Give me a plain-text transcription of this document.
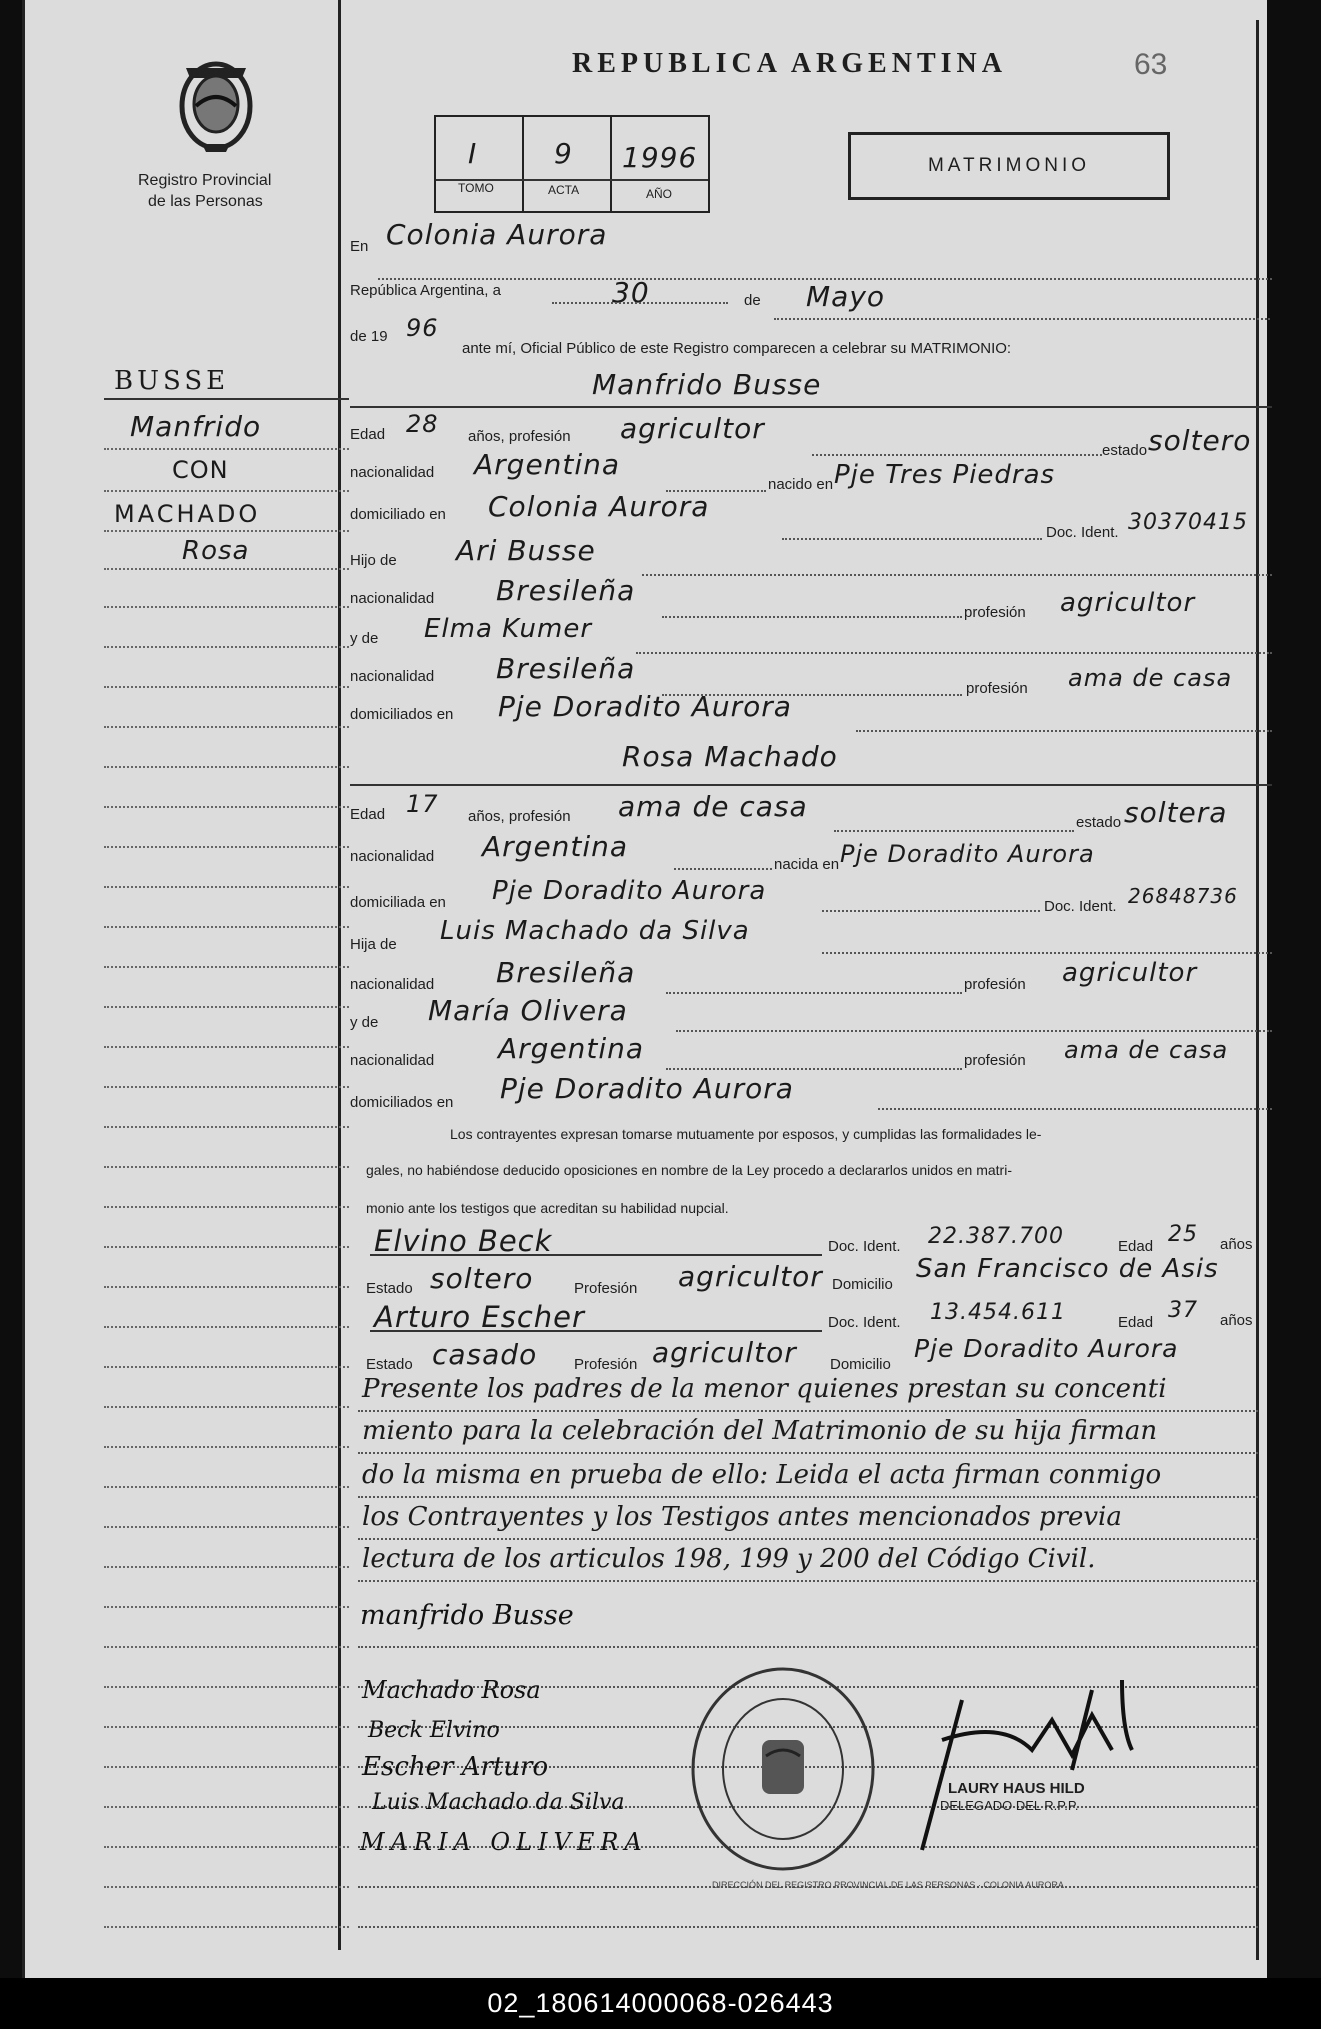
Registro Provincial
de las Personas
REPUBLICA ARGENTINA	63
I
TOMO
9
ACTA
1996
AÑO
MATRIMONIO
BUSSE
Manfrido
CON
MACHADO
Rosa
En Colonia Aurora
República Argentina, a	30	de Mayo
de 19 96
ante mí, Oficial Público de este Registro comparecen a celebrar su MATRIMONIO:
Manfrido Busse
Edad 28 años, profesión agricultor
estado soltero
nacionalidad Argentina
nacido en Pje Tres Piedras
domiciliado en Colonia Aurora
Doc. Ident. 30370415
Hijo de Ari Busse
nacionalidad Bresileña
profesión agricultor
y de Elma Kumer
nacionalidad Bresileña
profesión ama de casa
domiciliados en Pje Doradito Aurora
Rosa Machado
Edad 17 años, profesión ama de casa	estado soltera
nacionalidad Argentina
nacida en Pje Doradito Aurora
domiciliada en Pje Doradito Aurora
Doc. Ident. 26848736
Hija de Luis Machado da Silva
nacionalidad Bresileña	profesión agricultor
y de María Olivera
nacionalidad Argentina	profesión ama de casa
domiciliados en Pje Doradito Aurora
Los contrayentes expresan tomarse mutuamente por esposos, y cumplidas las formalidades le-
gales, no habiéndose deducido oposiciones en nombre de la Ley procedo a declararlos unidos en matri-
monio ante los testigos que acreditan su habilidad nupcial.
Elvino Beck	Doc. Ident. 22.387.700	Edad 25 años
Estado soltero	Profesión agricultor Domicilio
San Francisco de Asis
Arturo Escher	Doc. Ident. 13.454.611	Edad 37 años
Estado casado Profesión agricultor Domicilio
Pje Doradito Aurora
Presente los padres de la menor quienes prestan su concenti
miento para la celebración del Matrimonio de su hija firman
do la misma en prueba de ello: Leida el acta firman conmigo
los Contrayentes y los Testigos antes mencionados previa
lectura de los articulos 198, 199 y 200 del Código Civil.
manfrido Busse
Machado Rosa
Beck Elvino
Escher Arturo
Luis Machado da Silva
MARIA OLIVERA
DIRECCIÓN DEL REGISTRO PROVINCIAL DE LAS PERSONAS · COLONIA AURORA
LAURY HAUS HILD
DELEGADO DEL R.P.P.
02_180614000068-026443
